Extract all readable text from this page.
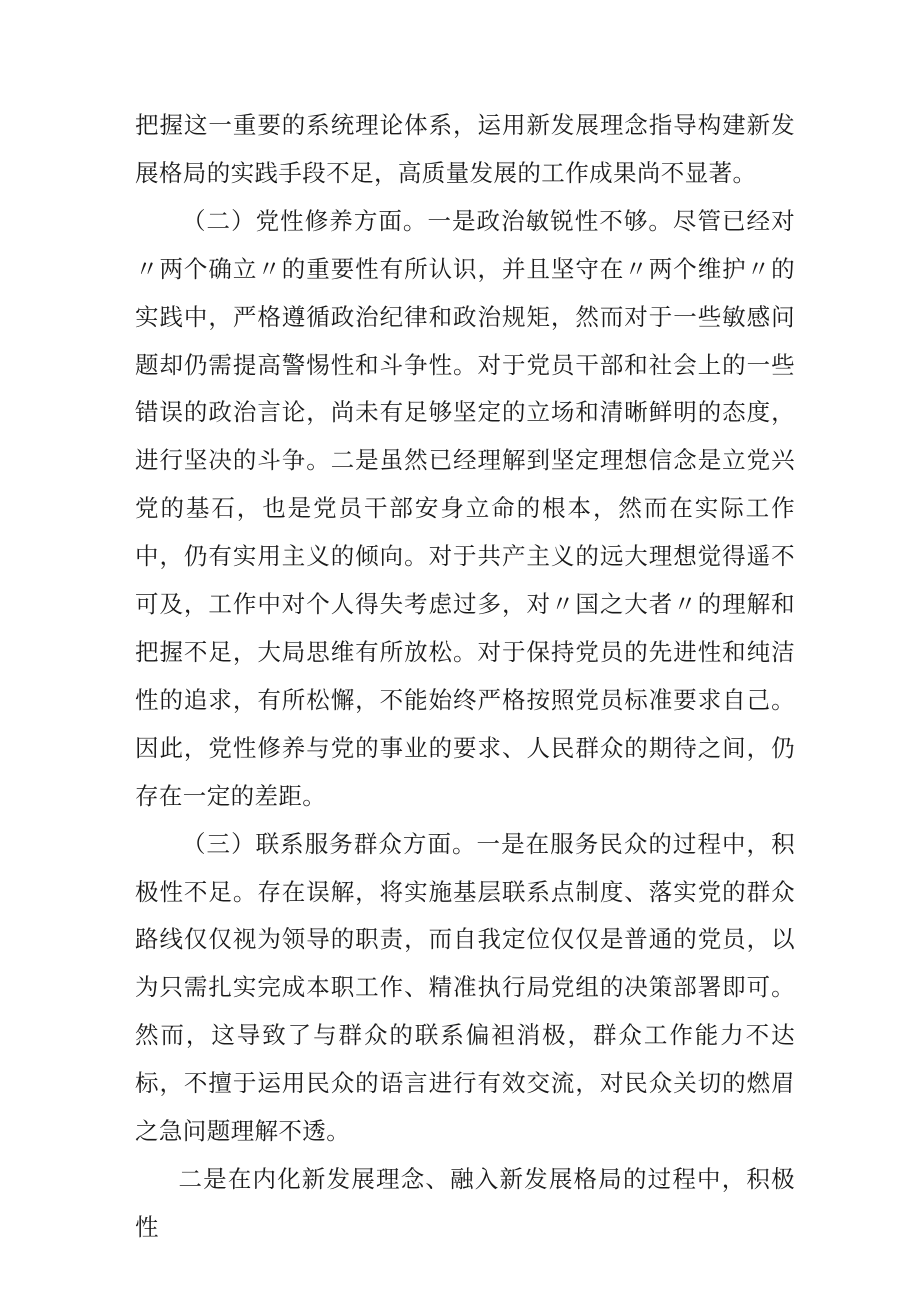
把握这一重要的系统理论体系，运用新发展理念指导构建新发展格局的实践手段不足，高质量发展的工作成果尚不显著。

（二）党性修养方面。一是政治敏锐性不够。尽管已经对〃两个确立〃的重要性有所认识，并且坚守在〃两个维护〃的实践中，严格遵循政治纪律和政治规矩，然而对于一些敏感问题却仍需提高警惕性和斗争性。对于党员干部和社会上的一些错误的政治言论，尚未有足够坚定的立场和清晰鲜明的态度，进行坚决的斗争。二是虽然已经理解到坚定理想信念是立党兴党的基石，也是党员干部安身立命的根本，然而在实际工作中，仍有实用主义的倾向。对于共产主义的远大理想觉得遥不可及，工作中对个人得失考虑过多，对〃国之大者〃的理解和把握不足，大局思维有所放松。对于保持党员的先进性和纯洁性的追求，有所松懈，不能始终严格按照党员标准要求自己。因此，党性修养与党的事业的要求、人民群众的期待之间，仍存在一定的差距。

（三）联系服务群众方面。一是在服务民众的过程中，积极性不足。存在误解，将实施基层联系点制度、落实党的群众路线仅仅视为领导的职责，而自我定位仅仅是普通的党员，以为只需扎实完成本职工作、精准执行局党组的决策部署即可。然而，这导致了与群众的联系偏袒消极，群众工作能力不达标，不擅于运用民众的语言进行有效交流，对民众关切的燃眉之急问题理解不透。

二是在内化新发展理念、融入新发展格局的过程中，积极性
